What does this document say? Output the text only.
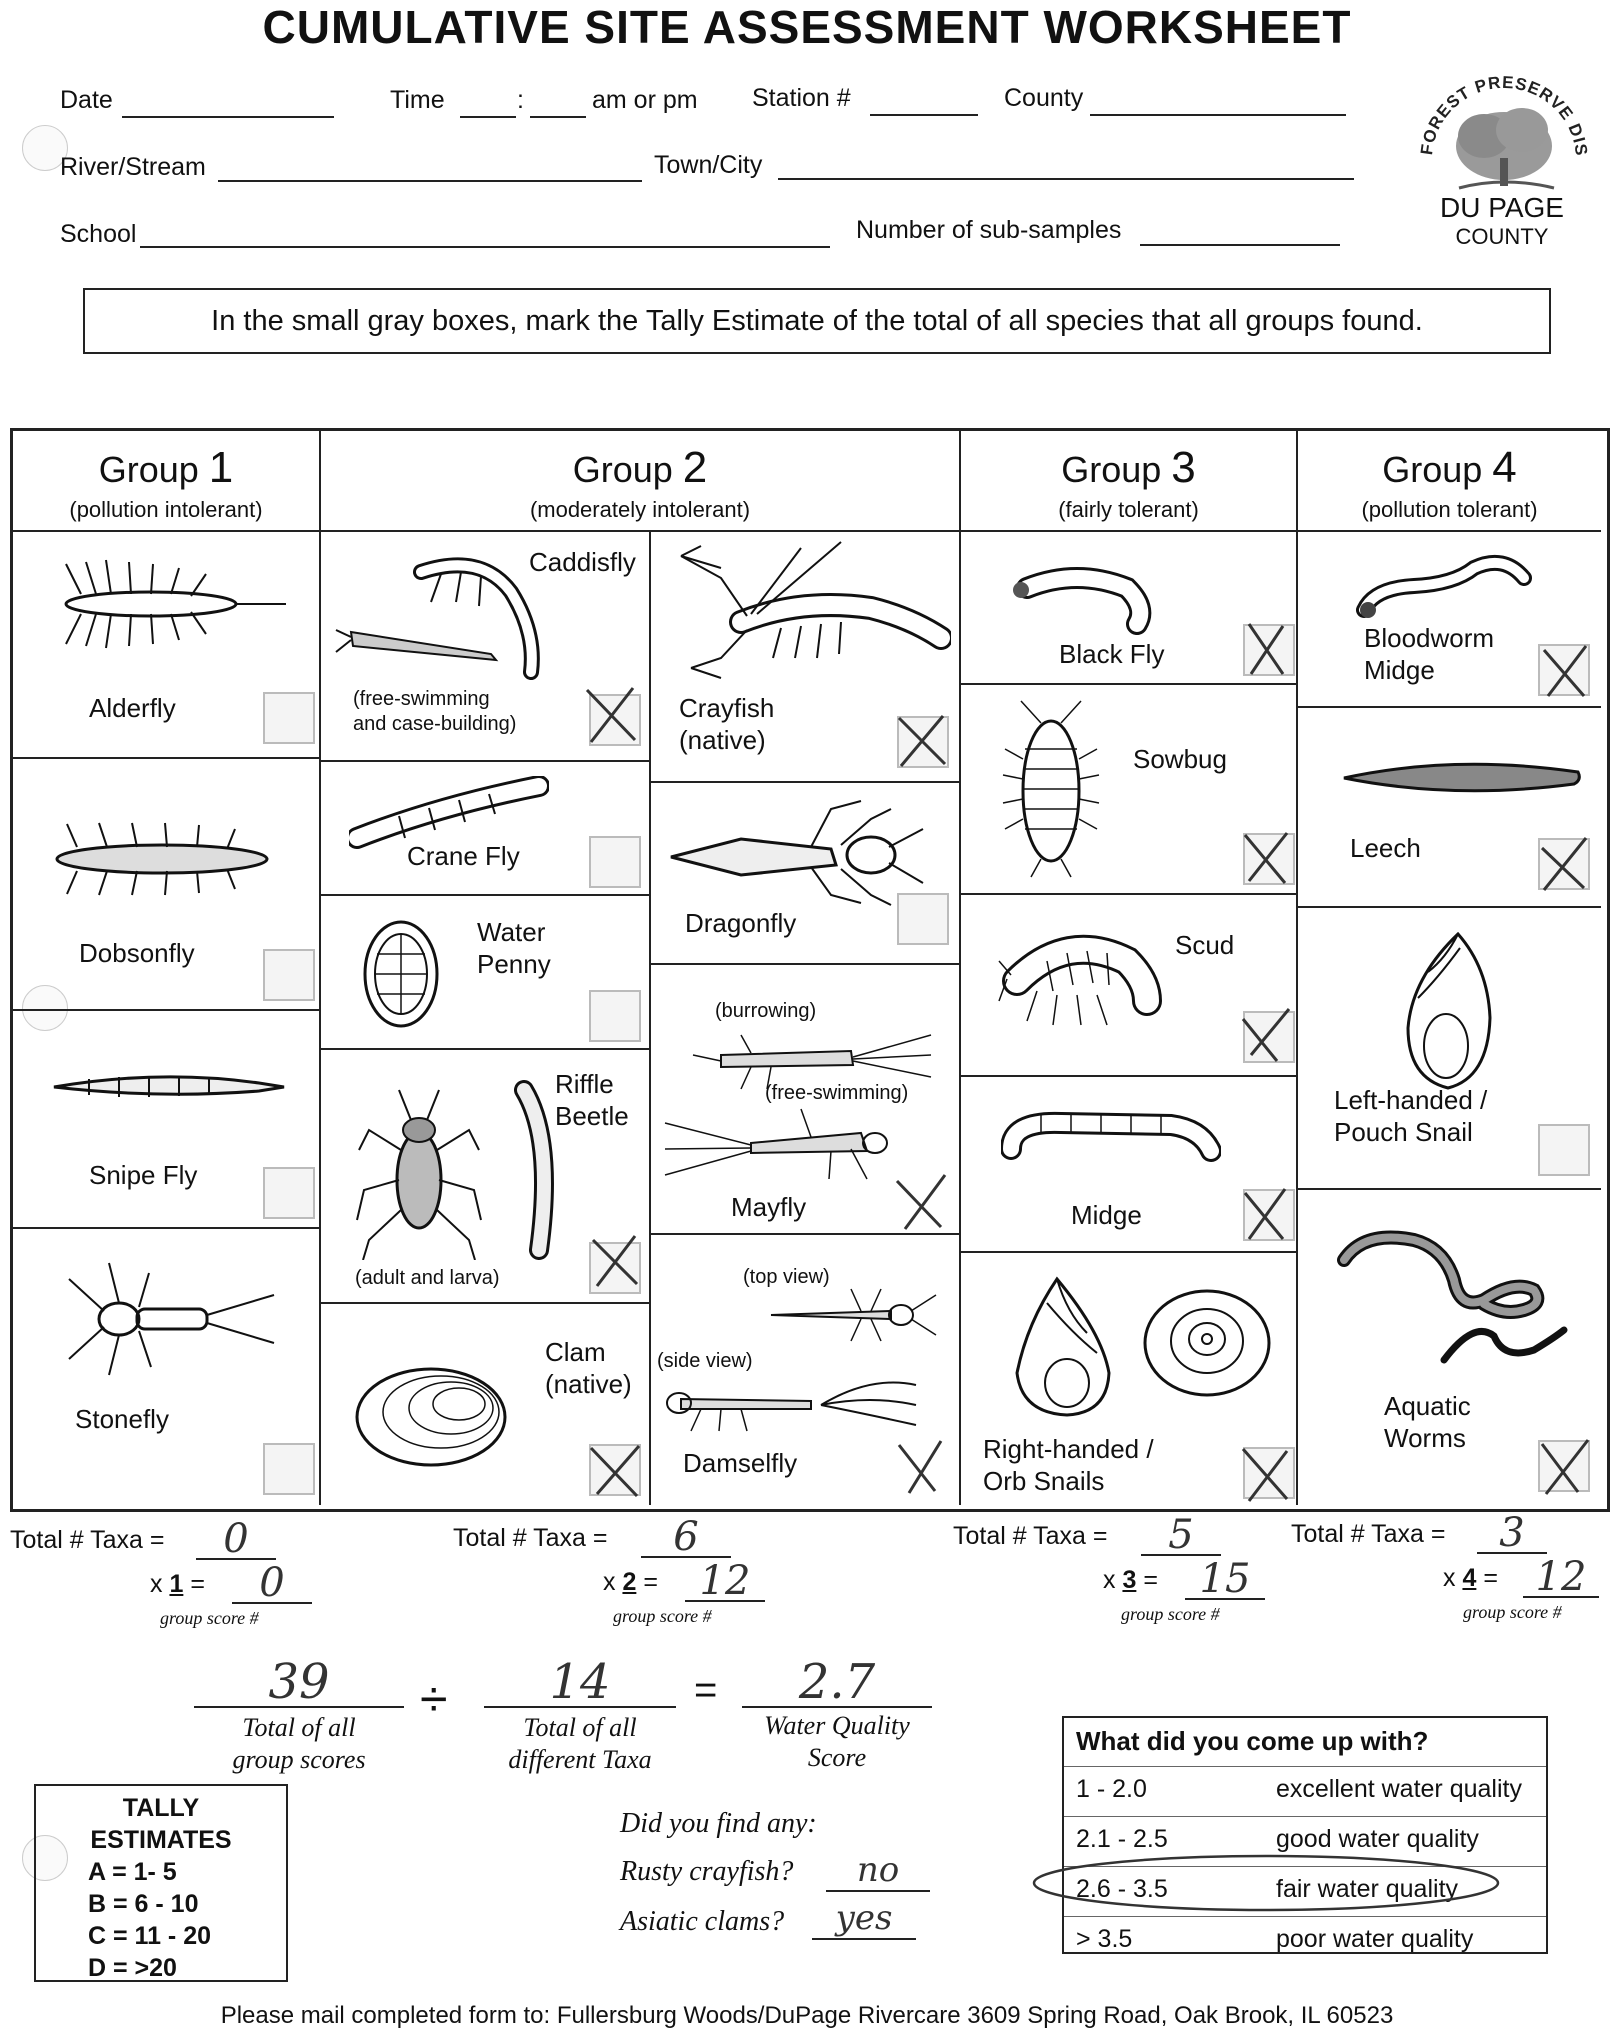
CUMULATIVE SITE ASSESSMENT WORKSHEET
Date	Time	:	am or pm Station #	County
River/Stream	Town/City
School	Number of sub-samples
FOREST PRESERVE DIS
DU PAGE
COUNTY
In the small gray boxes, mark the Tally Estimate of the total of all species that all groups found.
Group 1
(pollution intolerant)
Group 2
(moderately intolerant)
Group 3
(fairly tolerant)
Group 4
(pollution tolerant)
Alderfly
Dobsonfly
Snipe Fly
Stonefly
Caddisfly
(free-swimming
and case-building)
Crane Fly
Water
Penny
Riffle
Beetle
(adult and larva)
Clam
(native)
Crayfish
(native)
Dragonfly
(burrowing)
(free-swimming)
Mayfly
(top view)
(side view)
Damselfly
Black Fly
Sowbug
Scud
Midge
Right-handed /
Orb Snails
Bloodworm
Midge
Leech
Left-handed /
Pouch Snail
Aquatic
Worms
Total # Taxa =	0
x 1 =	0
group score #
Total # Taxa =	6
x 2 =	12
group score #
Total # Taxa =	5
x 3 =	15
group score #
Total # Taxa =	3
x 4 = 12
group score #
39
Total of all
group scores
÷	14
Total of all
different Taxa
=	2.7
Water Quality
Score
TALLY
ESTIMATES
A = 1- 5
B = 6 - 10
C = 11 - 20
D = >20
Did you find any:
Rusty crayfish?	no
Asiatic clams?	yes
What did you come up with?
1 - 2.0	excellent water quality
2.1 - 2.5	good water quality
2.6 - 3.5	fair water quality
> 3.5	poor water quality
Please mail completed form to: Fullersburg Woods/DuPage Rivercare 3609 Spring Road, Oak Brook, IL 60523
